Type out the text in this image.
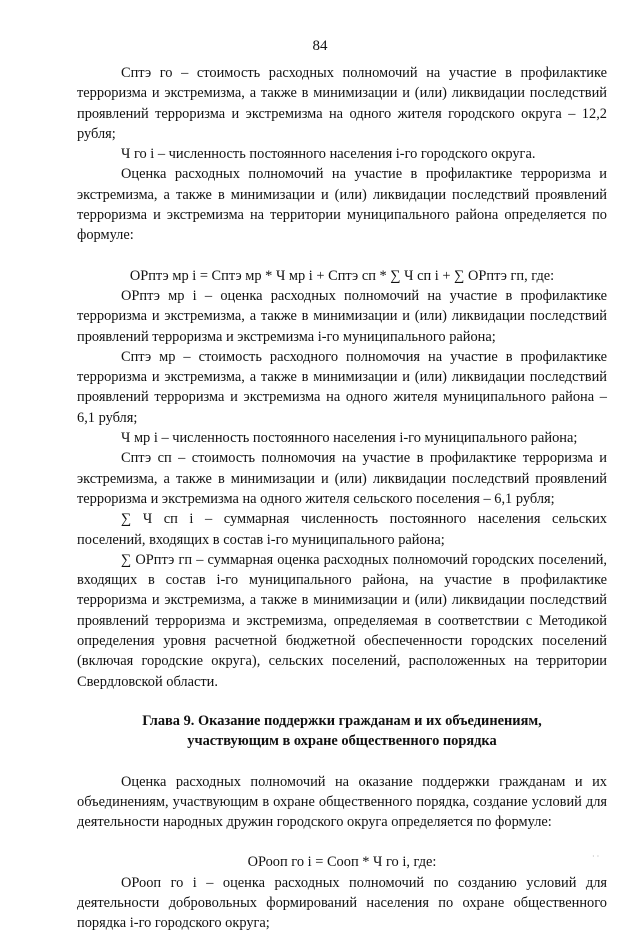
84

Сптэ го – стоимость расходных полномочий на участие в профилактике терроризма и экстремизма, а также в минимизации и (или) ликвидации последствий проявлений терроризма и экстремизма на одного жителя городского округа – 12,2 рубля;

Ч го i – численность постоянного населения i-го городского округа.

Оценка расходных полномочий на участие в профилактике терроризма и экстремизма, а также в минимизации и (или) ликвидации последствий проявлений терроризма и экстремизма на территории муниципального района определяется по формуле:

ОРптэ мр i = Сптэ мр * Ч мр i + Сптэ сп * ∑ Ч сп i + ∑ ОРптэ гп, где:

ОРптэ мр i – оценка расходных полномочий на участие в профилактике терроризма и экстремизма, а также в минимизации и (или) ликвидации последствий проявлений терроризма и экстремизма i-го муниципального района;

Сптэ мр – стоимость расходного полномочия на участие в профилактике терроризма и экстремизма, а также в минимизации и (или) ликвидации последствий проявлений терроризма и экстремизма на одного жителя муниципального района – 6,1 рубля;

Ч мр i – численность постоянного населения i-го муниципального района;

Сптэ сп – стоимость полномочия на участие в профилактике терроризма и экстремизма, а также в минимизации и (или) ликвидации последствий проявлений терроризма и экстремизма на одного жителя сельского поселения – 6,1 рубля;

∑ Ч сп i – суммарная численность постоянного населения сельских поселений, входящих в состав i-го муниципального района;

∑ ОРптэ гп – суммарная оценка расходных полномочий городских поселений, входящих в состав i-го муниципального района, на участие в профилактике терроризма и экстремизма, а также в минимизации и (или) ликвидации последствий проявлений терроризма и экстремизма, определяемая в соответствии с Методикой определения уровня расчетной бюджетной обеспеченности городских поселений (включая городские округа), сельских поселений, расположенных на территории Свердловской области.

Глава 9. Оказание поддержки гражданам и их объединениям,
участвующим в охране общественного порядка

Оценка расходных полномочий на оказание поддержки гражданам и их объединениям, участвующим в охране общественного порядка, создание условий для деятельности народных дружин городского округа определяется по формуле:

ОРооп го i = Сооп * Ч го i, где:

ОРооп го i – оценка расходных полномочий по созданию условий для деятельности добровольных формирований населения по охране общественного порядка i-го городского округа;

· ·
